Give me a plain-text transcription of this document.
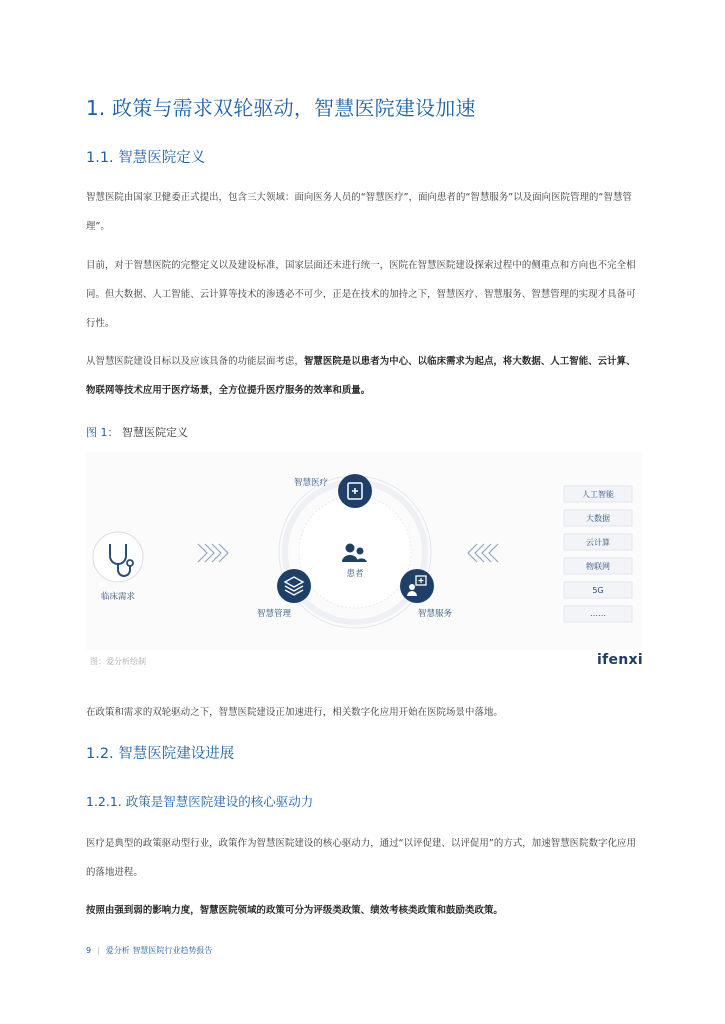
1. 政策与需求双轮驱动，智慧医院建设加速
1.1. 智慧医院定义
智慧医院由国家卫健委正式提出，包含三大领域：面向医务人员的“智慧医疗”，面向患者的“智慧服务”以及面向医院管理的“智慧管理”。
目前，对于智慧医院的完整定义以及建设标准，国家层面还未进行统一，医院在智慧医院建设探索过程中的侧重点和方向也不完全相同。但大数据、人工智能、云计算等技术的渗透必不可少，正是在技术的加持之下，智慧医疗、智慧服务、智慧管理的实现才具备可行性。
从智慧医院建设目标以及应该具备的功能层面考虑，智慧医院是以患者为中心、以临床需求为起点，将大数据、人工智能、云计算、物联网等技术应用于医疗场景，全方位提升医疗服务的效率和质量。
图 1： 智慧医院定义
临床需求
患者
智慧医疗
智慧管理	智慧服务
人工智能
大数据
云计算
物联网
5G
……
图：爱分析绘制	ifenxi
在政策和需求的双轮驱动之下，智慧医院建设正加速进行，相关数字化应用开始在医院场景中落地。
1.2. 智慧医院建设进展
1.2.1. 政策是智慧医院建设的核心驱动力
医疗是典型的政策驱动型行业，政策作为智慧医院建设的核心驱动力，通过“以评促建、以评促用”的方式，加速智慧医院数字化应用的落地进程。
按照由强到弱的影响力度，智慧医院领域的政策可分为评级类政策、绩效考核类政策和鼓励类政策。
9 | 爱分析 智慧医院行业趋势报告
